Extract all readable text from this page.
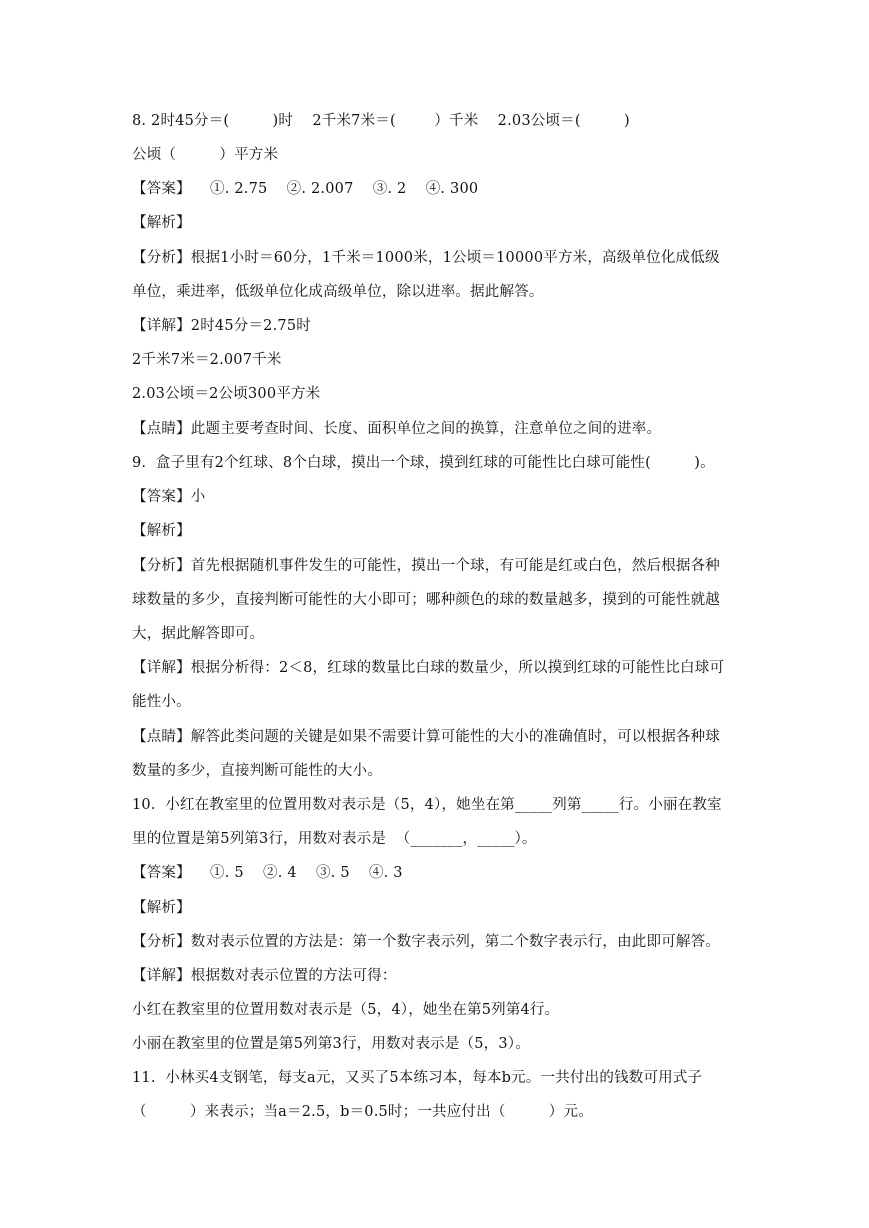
8. 2时45分＝(         )时    2千米7米＝(        ）千米    2.03公顷＝(         )
公顷（         ）平方米
【答案】    ①. 2.75    ②. 2.007    ③. 2    ④. 300
【解析】
【分析】根据1小时＝60分，1千米＝1000米，1公顷＝10000平方米，高级单位化成低级
单位，乘进率，低级单位化成高级单位，除以进率。据此解答。
【详解】2时45分＝2.75时
2千米7米＝2.007千米
2.03公顷＝2公顷300平方米
【点睛】此题主要考查时间、长度、面积单位之间的换算，注意单位之间的进率。
9.  盒子里有2个红球、8个白球，摸出一个球，摸到红球的可能性比白球可能性(         )。
【答案】小
【解析】
【分析】首先根据随机事件发生的可能性，摸出一个球，有可能是红或白色，然后根据各种
球数量的多少，直接判断可能性的大小即可；哪种颜色的球的数量越多，摸到的可能性就越
大，据此解答即可。
【详解】根据分析得：2＜8，红球的数量比白球的数量少，所以摸到红球的可能性比白球可
能性小。
【点睛】解答此类问题的关键是如果不需要计算可能性的大小的准确值时，可以根据各种球
数量的多少，直接判断可能性的大小。
10.  小红在教室里的位置用数对表示是（5，4），她坐在第_____列第_____行。小丽在教室
里的位置是第5列第3行，用数对表示是  （_______，_____）。
【答案】    ①. 5    ②. 4    ③. 5    ④. 3
【解析】
【分析】数对表示位置的方法是：第一个数字表示列，第二个数字表示行，由此即可解答。
【详解】根据数对表示位置的方法可得：
小红在教室里的位置用数对表示是（5，4），她坐在第5列第4行。
小丽在教室里的位置是第5列第3行，用数对表示是（5，3）。
11.  小林买4支钢笔，每支a元，又买了5本练习本，每本b元。一共付出的钱数可用式子
（         ）来表示；当a＝2.5，b＝0.5时；一共应付出（         ）元。
